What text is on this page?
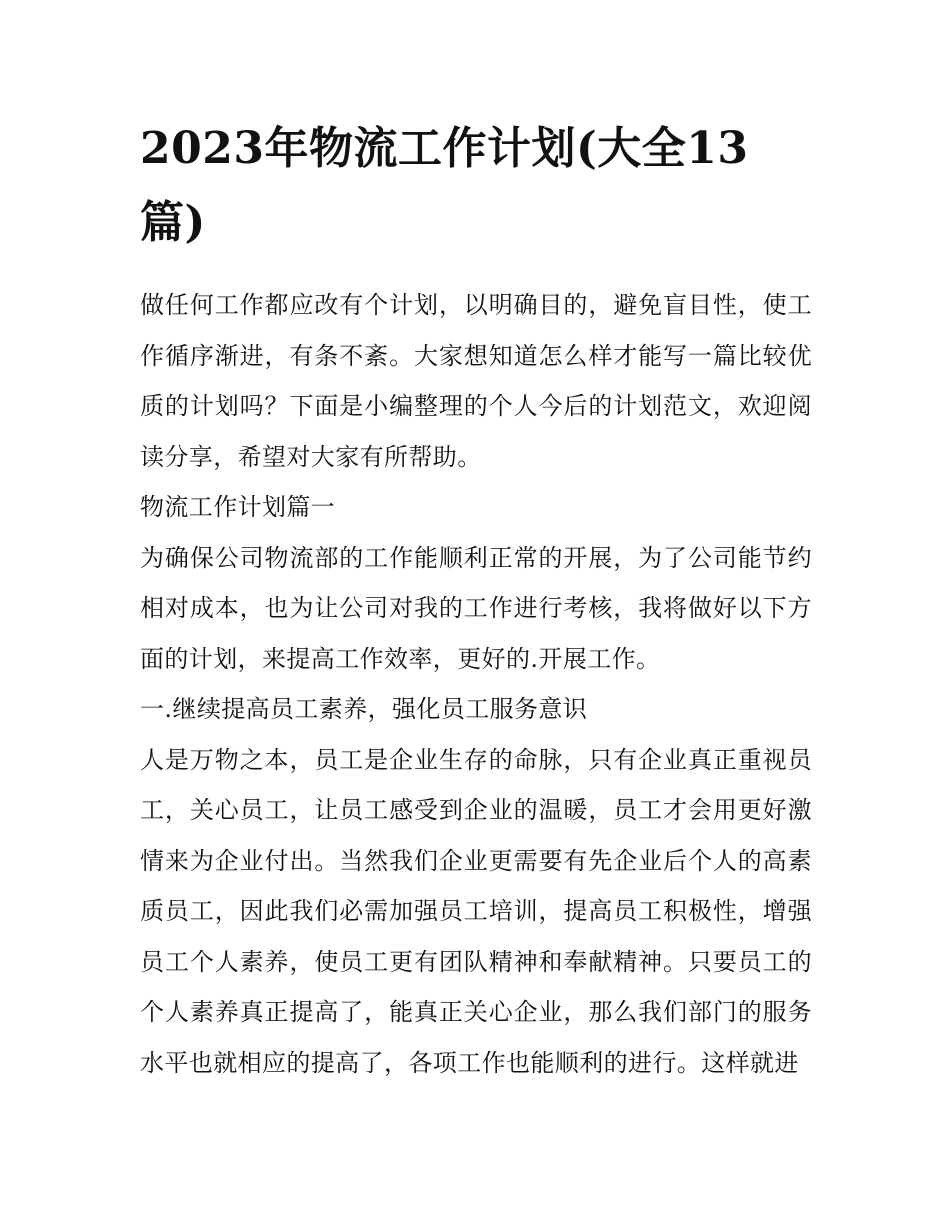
2023年物流工作计划(大全13篇)

做任何工作都应改有个计划，以明确目的，避免盲目性，使工作循序渐进，有条不紊。大家想知道怎么样才能写一篇比较优质的计划吗？下面是小编整理的个人今后的计划范文，欢迎阅读分享，希望对大家有所帮助。

物流工作计划篇一

为确保公司物流部的工作能顺利正常的开展，为了公司能节约相对成本，也为让公司对我的工作进行考核，我将做好以下方面的计划，来提高工作效率，更好的.开展工作。

一.继续提高员工素养，强化员工服务意识

人是万物之本，员工是企业生存的命脉，只有企业真正重视员工，关心员工，让员工感受到企业的温暖，员工才会用更好激情来为企业付出。当然我们企业更需要有先企业后个人的高素质员工，因此我们必需加强员工培训，提高员工积极性，增强员工个人素养，使员工更有团队精神和奉献精神。只要员工的个人素养真正提高了，能真正关心企业，那么我们部门的服务水平也就相应的提高了，各项工作也能顺利的进行。这样就进
